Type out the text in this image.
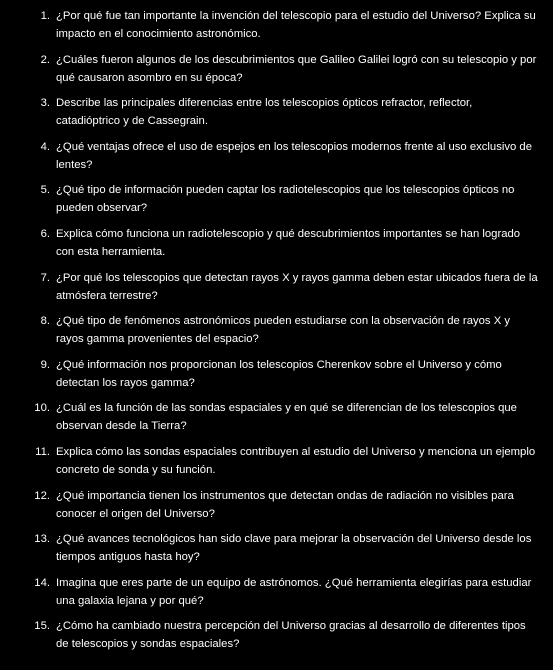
1. ¿Por qué fue tan importante la invención del telescopio para el estudio del Universo? Explica su impacto en el conocimiento astronómico.
2. ¿Cuáles fueron algunos de los descubrimientos que Galileo Galilei logró con su telescopio y por qué causaron asombro en su época?
3. Describe las principales diferencias entre los telescopios ópticos refractor, reflector, catadióptrico y de Cassegrain.
4. ¿Qué ventajas ofrece el uso de espejos en los telescopios modernos frente al uso exclusivo de lentes?
5. ¿Qué tipo de información pueden captar los radiotelescopios que los telescopios ópticos no pueden observar?
6. Explica cómo funciona un radiotelescopio y qué descubrimientos importantes se han logrado con esta herramienta.
7. ¿Por qué los telescopios que detectan rayos X y rayos gamma deben estar ubicados fuera de la atmósfera terrestre?
8. ¿Qué tipo de fenómenos astronómicos pueden estudiarse con la observación de rayos X y rayos gamma provenientes del espacio?
9. ¿Qué información nos proporcionan los telescopios Cherenkov sobre el Universo y cómo detectan los rayos gamma?
10. ¿Cuál es la función de las sondas espaciales y en qué se diferencian de los telescopios que observan desde la Tierra?
11. Explica cómo las sondas espaciales contribuyen al estudio del Universo y menciona un ejemplo concreto de sonda y su función.
12. ¿Qué importancia tienen los instrumentos que detectan ondas de radiación no visibles para conocer el origen del Universo?
13. ¿Qué avances tecnológicos han sido clave para mejorar la observación del Universo desde los tiempos antiguos hasta hoy?
14. Imagina que eres parte de un equipo de astrónomos. ¿Qué herramienta elegirías para estudiar una galaxia lejana y por qué?
15. ¿Cómo ha cambiado nuestra percepción del Universo gracias al desarrollo de diferentes tipos de telescopios y sondas espaciales?
